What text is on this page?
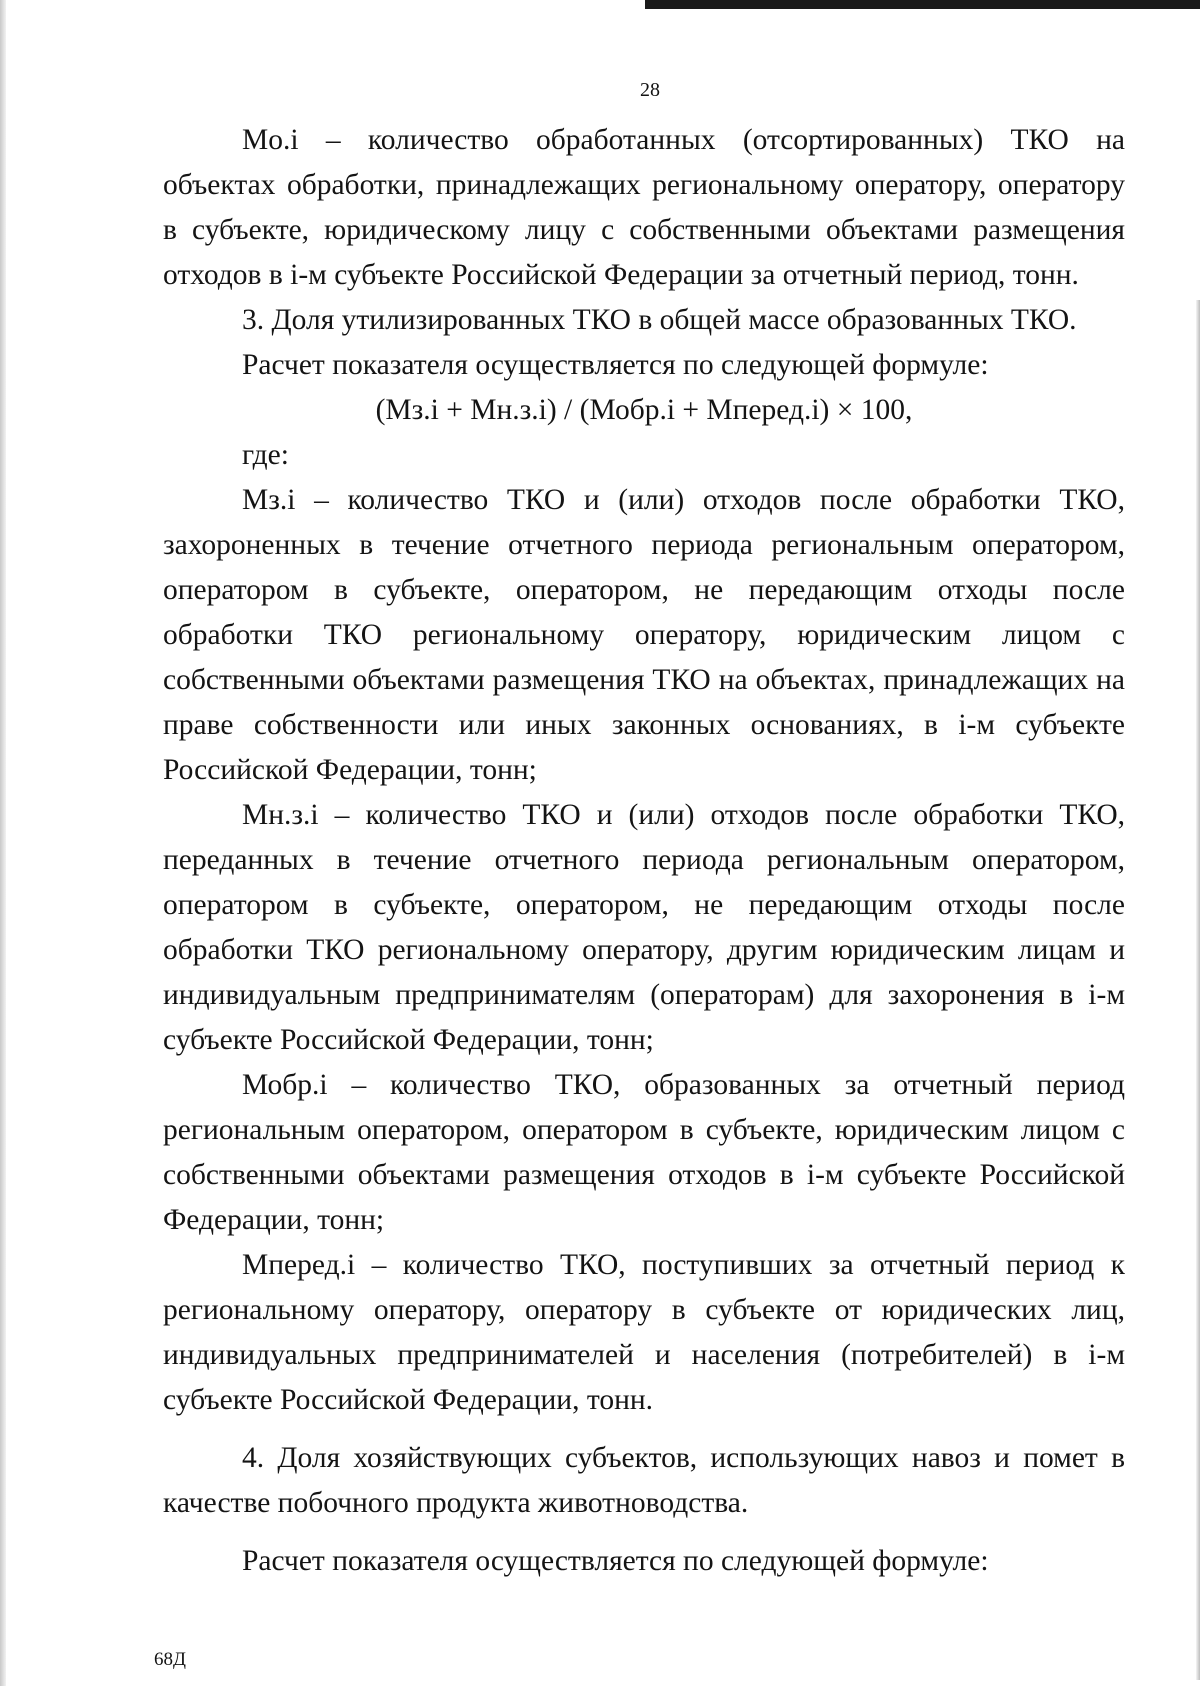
28

Mo.i – количество обработанных (отсортированных) ТКО на объектах обработки, принадлежащих региональному оператору, оператору в субъекте, юридическому лицу с собственными объектами размещения отходов в i-м субъекте Российской Федерации за отчетный период, тонн.

3. Доля утилизированных ТКО в общей массе образованных ТКО.

Расчет показателя осуществляется по следующей формуле:

(Мз.i + Мн.з.i) / (Мобр.i + Мперед.i) × 100,

где:

Мз.i – количество ТКО и (или) отходов после обработки ТКО, захороненных в течение отчетного периода региональным оператором, оператором в субъекте, оператором, не передающим отходы после обработки ТКО региональному оператору, юридическим лицом с собственными объектами размещения ТКО на объектах, принадлежащих на праве собственности или иных законных основаниях, в i-м субъекте Российской Федерации, тонн;

Мн.з.i – количество ТКО и (или) отходов после обработки ТКО, переданных в течение отчетного периода региональным оператором, оператором в субъекте, оператором, не передающим отходы после обработки ТКО региональному оператору, другим юридическим лицам и индивидуальным предпринимателям (операторам) для захоронения в i-м субъекте Российской Федерации, тонн;

Мобр.i – количество ТКО, образованных за отчетный период региональным оператором, оператором в субъекте, юридическим лицом с собственными объектами размещения отходов в i-м субъекте Российской Федерации, тонн;

Мперед.i – количество ТКО, поступивших за отчетный период к региональному оператору, оператору в субъекте от юридических лиц, индивидуальных предпринимателей и населения (потребителей) в i-м субъекте Российской Федерации, тонн.

4. Доля хозяйствующих субъектов, использующих навоз и помет в качестве побочного продукта животноводства.

Расчет показателя осуществляется по следующей формуле:

68Д
